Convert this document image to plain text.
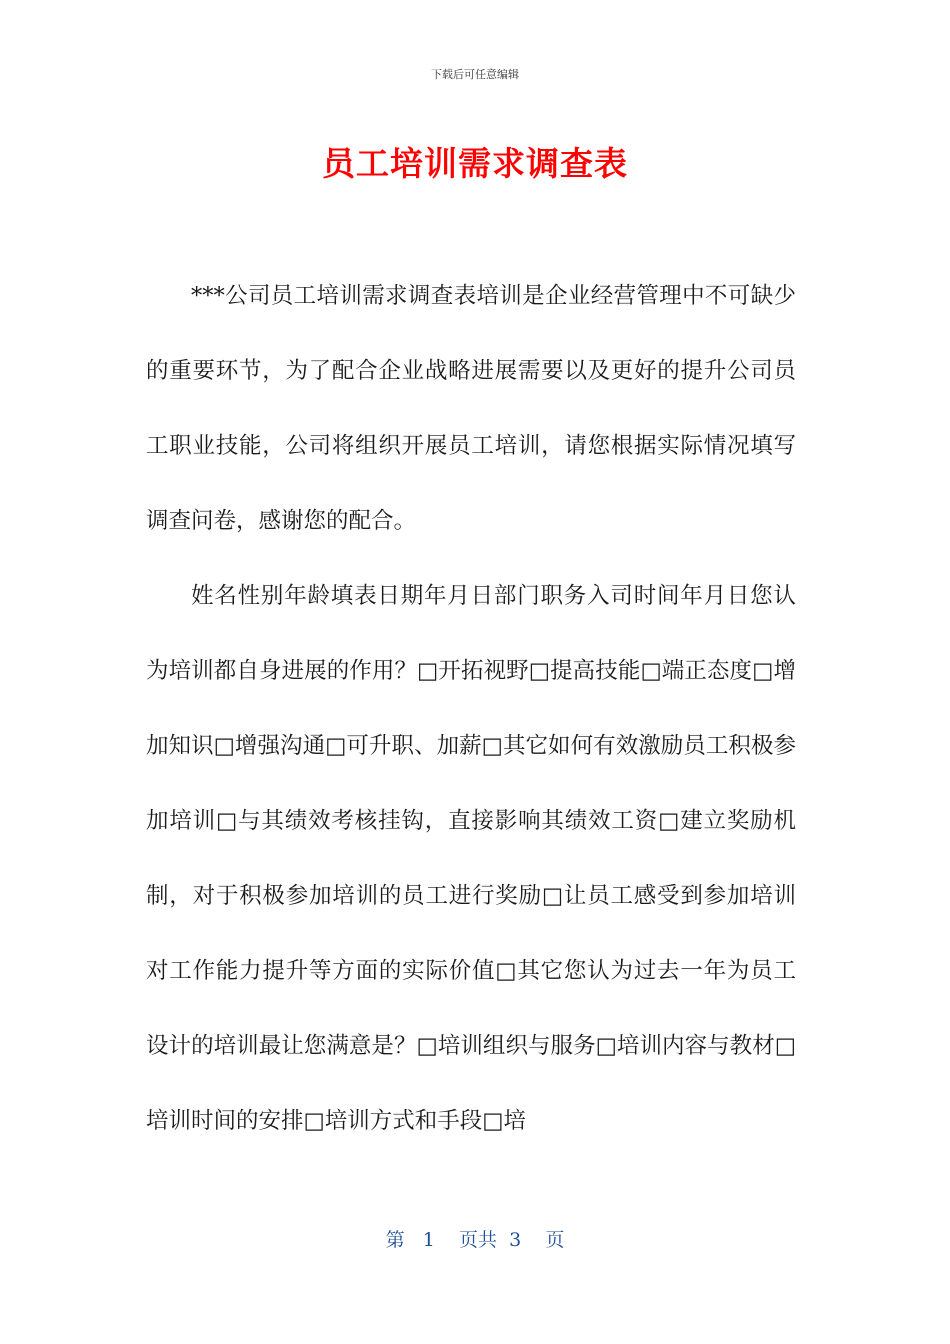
下载后可任意编辑
员工培训需求调查表

***公司员工培训需求调查表培训是企业经营管理中不可缺少的重要环节，为了配合企业战略进展需要以及更好的提升公司员工职业技能，公司将组织开展员工培训，请您根据实际情况填写调查问卷，感谢您的配合。

姓名性别年龄填表日期年月日部门职务入司时间年月日您认为培训都自身进展的作用？□开拓视野□提高技能□端正态度□增加知识□增强沟通□可升职、加薪□其它如何有效激励员工积极参加培训□与其绩效考核挂钩，直接影响其绩效工资□建立奖励机制，对于积极参加培训的员工进行奖励□让员工感受到参加培训对工作能力提升等方面的实际价值□其它您认为过去一年为员工设计的培训最让您满意是？□培训组织与服务□培训内容与教材□培训时间的安排□培训方式和手段□培

第 1 页共 3 页
